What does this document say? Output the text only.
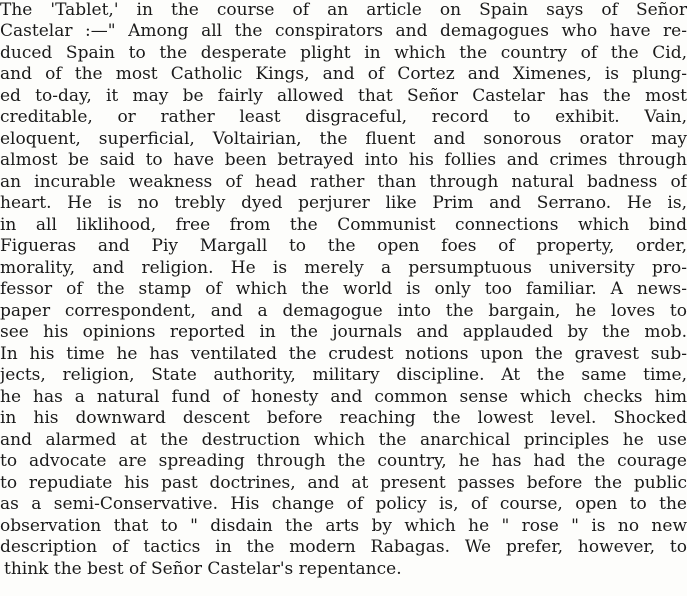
The 'Tablet,' in the course of an article on Spain says of Señor
Castelar :—" Among all the conspirators and demagogues who have re-
duced Spain to the desperate plight in which the country of the Cid,
and of the most Catholic Kings, and of Cortez and Ximenes, is plung-
ed to-day, it may be fairly allowed that Señor Castelar has the most
creditable, or rather least disgraceful, record to exhibit. Vain,
eloquent, superficial, Voltairian, the fluent and sonorous orator may
almost be said to have been betrayed into his follies and crimes through
an incurable weakness of head rather than through natural badness of
heart. He is no trebly dyed perjurer like Prim and Serrano. He is,
in all liklihood, free from the Communist connections which bind
Figueras and Piy Margall to the open foes of property, order,
morality, and religion. He is merely a persumptuous university pro-
fessor of the stamp of which the world is only too familiar. A news-
paper correspondent, and a demagogue into the bargain, he loves to
see his opinions reported in the journals and applauded by the mob.
In his time he has ventilated the crudest notions upon the gravest sub-
jects, religion, State authority, military discipline. At the same time,
he has a natural fund of honesty and common sense which checks him
in his downward descent before reaching the lowest level. Shocked
and alarmed at the destruction which the anarchical principles he use
to advocate are spreading through the country, he has had the courage
to repudiate his past doctrines, and at present passes before the public
as a semi-Conservative. His change of policy is, of course, open to the
observation that to " disdain the arts by which he " rose " is no new
description of tactics in the modern Rabagas. We prefer, however, to
think the best of Señor Castelar's repentance.
